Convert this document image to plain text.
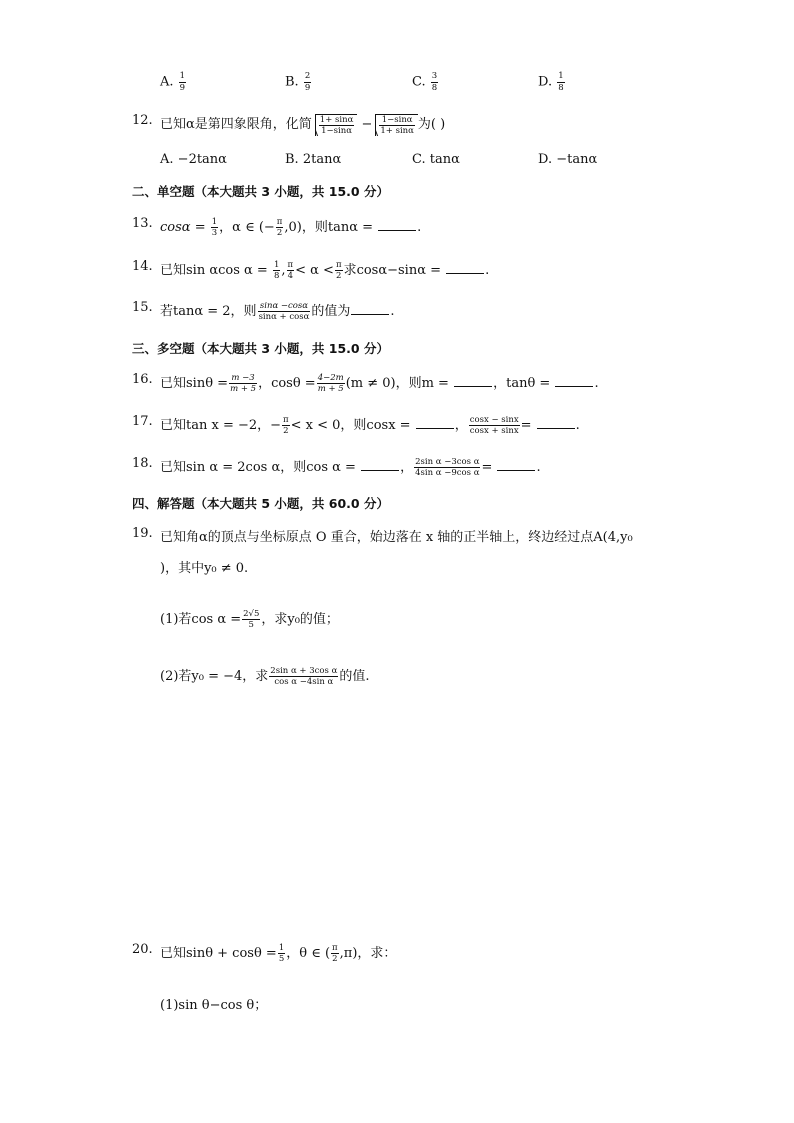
A. $\frac{1}{9}$	B. $\frac{2}{9}$	C. $\frac{3}{8}$	D. $\frac{1}{8}$
12. 已知α是第四象限角，化简 $\frac{1+ \sin\alpha}{1-\sin\alpha} - \frac{1-\sin\alpha}{1+ \sin\alpha}$ 为( )
A. −2tanα	B. 2tanα	C. tanα	D. −tanα
二、单空题（本大题共 3 小题，共 15.0 分）
13. $\cos\alpha = \frac{1}{3}$ ，α ∈ (− $\frac{\pi}{2} ,0$)，则tanα =	.
14. 已知sin αcos $\alpha = \frac{1}{8}$ , $\frac{\pi}{4} < \alpha < \frac{\pi}{2}$ 求cosα−sinα =	.
15. 若tanα = 2，则 $\frac{\sin\alpha -\cos\alpha}{\sin\alpha + \cos\alpha}$ 的值为	.
三、多空题（本大题共 3 小题，共 15.0 分）
16. 已知$\sin\theta = \frac{m -3}{m + 5}$ ，$\cos\theta = \frac{4-2m}{m + 5} (m \ne 0)$，则m =	，tanθ =	.
17. 已知tan x = −2，− $\frac{\pi}{2} < x < 0$，则cosx =	， $\frac{\cos x - \sin x}{\cos x + \sin x}$ =	.
18. 已知sin α = 2cos α，则cos α =	， $\frac{\text{2sin α −3cos α}}{\text{4sin α −9cos α}}$ =	.
四、解答题（本大题共 5 小题，共 60.0 分）
19. 已知角α的顶点与坐标原点 O 重合，始边落在 x 轴的正半轴上，终边经过点A(4,y₀
)，其中y₀ ≠ 0.
(1)若$\cos \alpha = \frac{2√5}{5}$ ，求y₀的值；
(2)若y₀ = −4，求 $\frac{\text{2sin α + 3cos α}}{\text{cos α −4sin α}}$ 的值.
20. 已知$\sin\theta + \cos\theta = \frac{1}{5}$ ，θ ∈ ( $\frac{\pi}{2} ,\pi$)，求：
(1)sin θ−cos θ；
